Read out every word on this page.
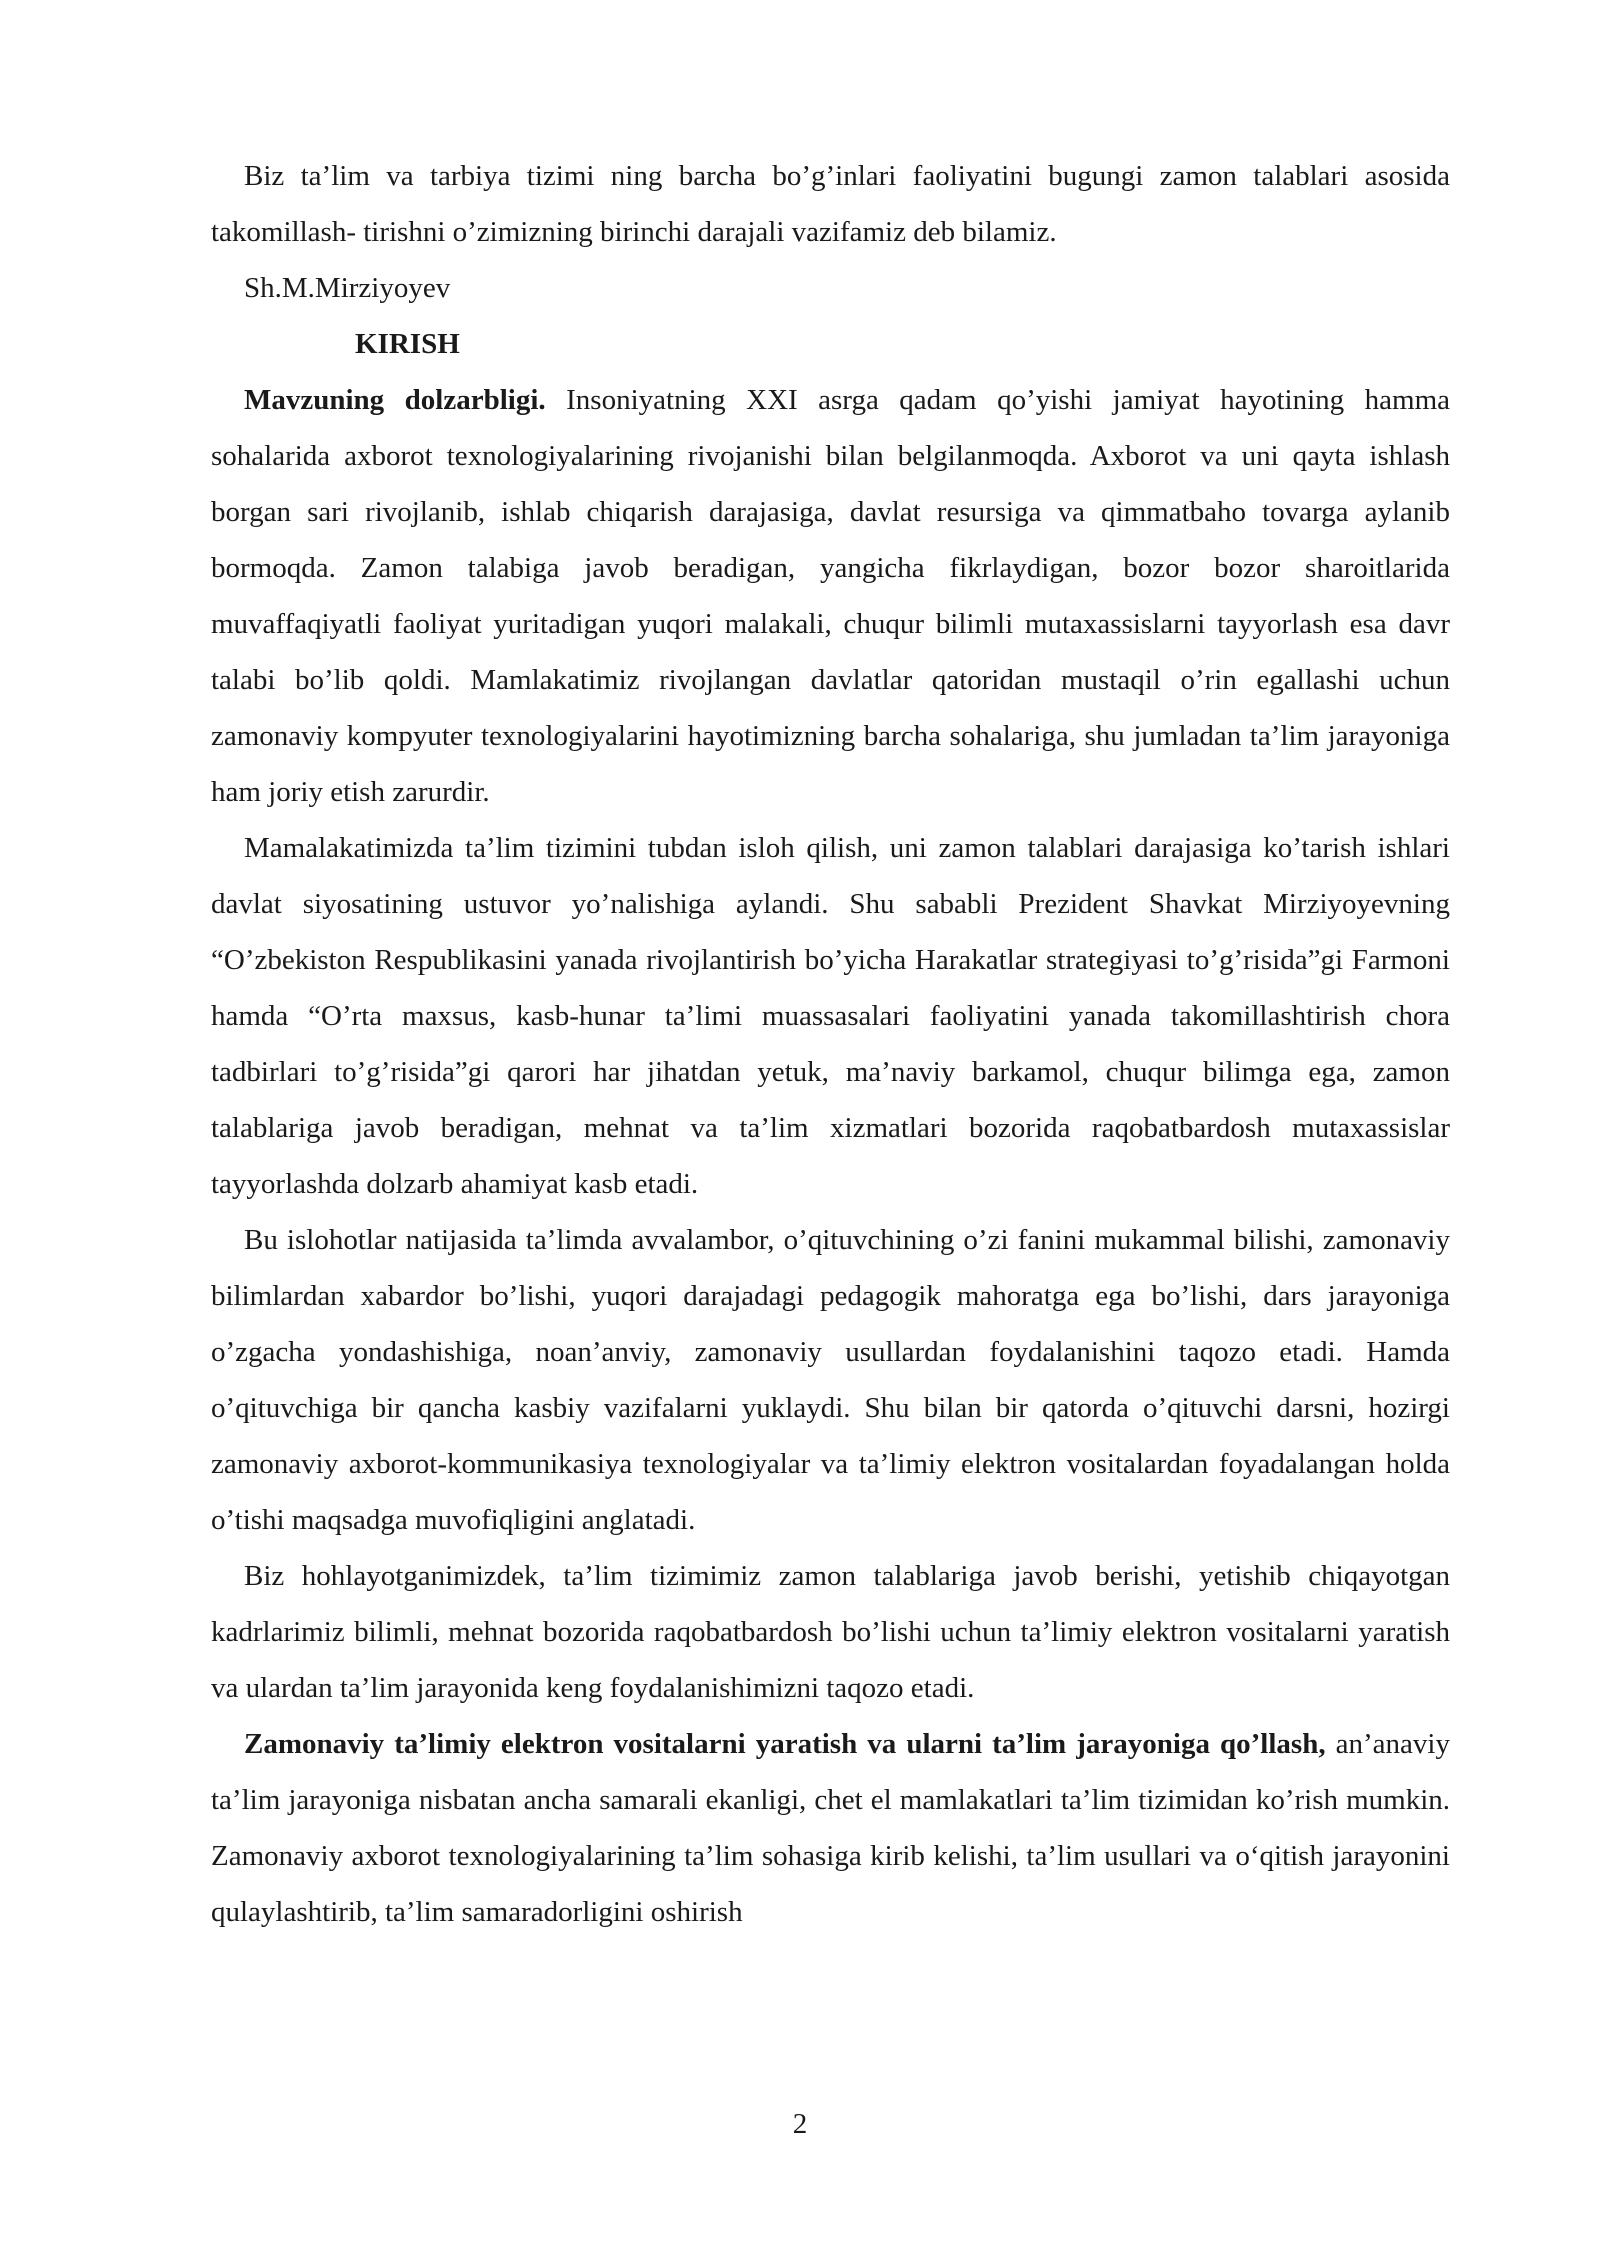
Biz ta’lim va tarbiya tizimi ning barcha bo’g’inlari faoliyatini bugungi zamon talablari asosida takomillash- tirishni o’zimizning birinchi darajali vazifamiz deb bilamiz.

Sh.M.Mirziyoyev

KIRISH

Mavzuning dolzarbligi. Insoniyatning XXI asrga qadam qo’yishi jamiyat hayotining hamma sohalarida axborot texnologiyalarining rivojanishi bilan belgilanmoqda. Axborot va uni qayta ishlash borgan sari rivojlanib, ishlab chiqarish darajasiga, davlat resursiga va qimmatbaho tovarga aylanib bormoqda. Zamon talabiga javob beradigan, yangicha fikrlaydigan, bozor bozor sharoitlarida muvaffaqiyatli faoliyat yuritadigan yuqori malakali, chuqur bilimli mutaxassislarni tayyorlash esa davr talabi bo’lib qoldi. Mamlakatimiz rivojlangan davlatlar qatoridan mustaqil o’rin egallashi uchun zamonaviy kompyuter texnologiyalarini hayotimizning barcha sohalariga, shu jumladan ta’lim jarayoniga ham joriy etish zarurdir.

Mamalakatimizda ta’lim tizimini tubdan isloh qilish, uni zamon talablari darajasiga ko’tarish ishlari davlat siyosatining ustuvor yo’nalishiga aylandi. Shu sababli Prezident Shavkat Mirziyoyevning “O’zbekiston Respublikasini yanada rivojlantirish bo’yicha Harakatlar strategiyasi to’g’risida”gi Farmoni hamda “O’rta maxsus, kasb-hunar ta’limi muassasalari faoliyatini yanada takomillashtirish chora tadbirlari to’g’risida”gi qarori har jihatdan yetuk, ma’naviy barkamol, chuqur bilimga ega, zamon talablariga javob beradigan, mehnat va ta’lim xizmatlari bozorida raqobatbardosh mutaxassislar tayyorlashda dolzarb ahamiyat kasb etadi.

Bu islohotlar natijasida ta’limda avvalambor, o’qituvchining o’zi fanini mukammal bilishi, zamonaviy bilimlardan xabardor bo’lishi, yuqori darajadagi pedagogik mahoratga ega bo’lishi, dars jarayoniga o’zgacha yondashishiga, noan’anviy, zamonaviy usullardan foydalanishini taqozo etadi. Hamda o’qituvchiga bir qancha kasbiy vazifalarni yuklaydi. Shu bilan bir qatorda o’qituvchi darsni, hozirgi zamonaviy axborot-kommunikasiya texnologiyalar va ta’limiy elektron vositalardan foyadalangan holda o’tishi maqsadga muvofiqligini anglatadi.

Biz hohlayotganimizdek, ta’lim tizimimiz zamon talablariga javob berishi, yetishib chiqayotgan kadrlarimiz bilimli, mehnat bozorida raqobatbardosh bo’lishi uchun ta’limiy elektron vositalarni yaratish va ulardan ta’lim jarayonida keng foydalanishimizni taqozo etadi.

Zamonaviy ta’limiy elektron vositalarni yaratish va ularni ta’lim jarayoniga qo’llash, an’anaviy ta’lim jarayoniga nisbatan ancha samarali ekanligi, chet el mamlakatlari ta’lim tizimidan ko’rish mumkin. Zamonaviy axborot texnologiyalarining ta’lim sohasiga kirib kelishi, ta’lim usullari va o‘qitish jarayonini qulaylashtirib, ta’lim samaradorligini oshirish

2
